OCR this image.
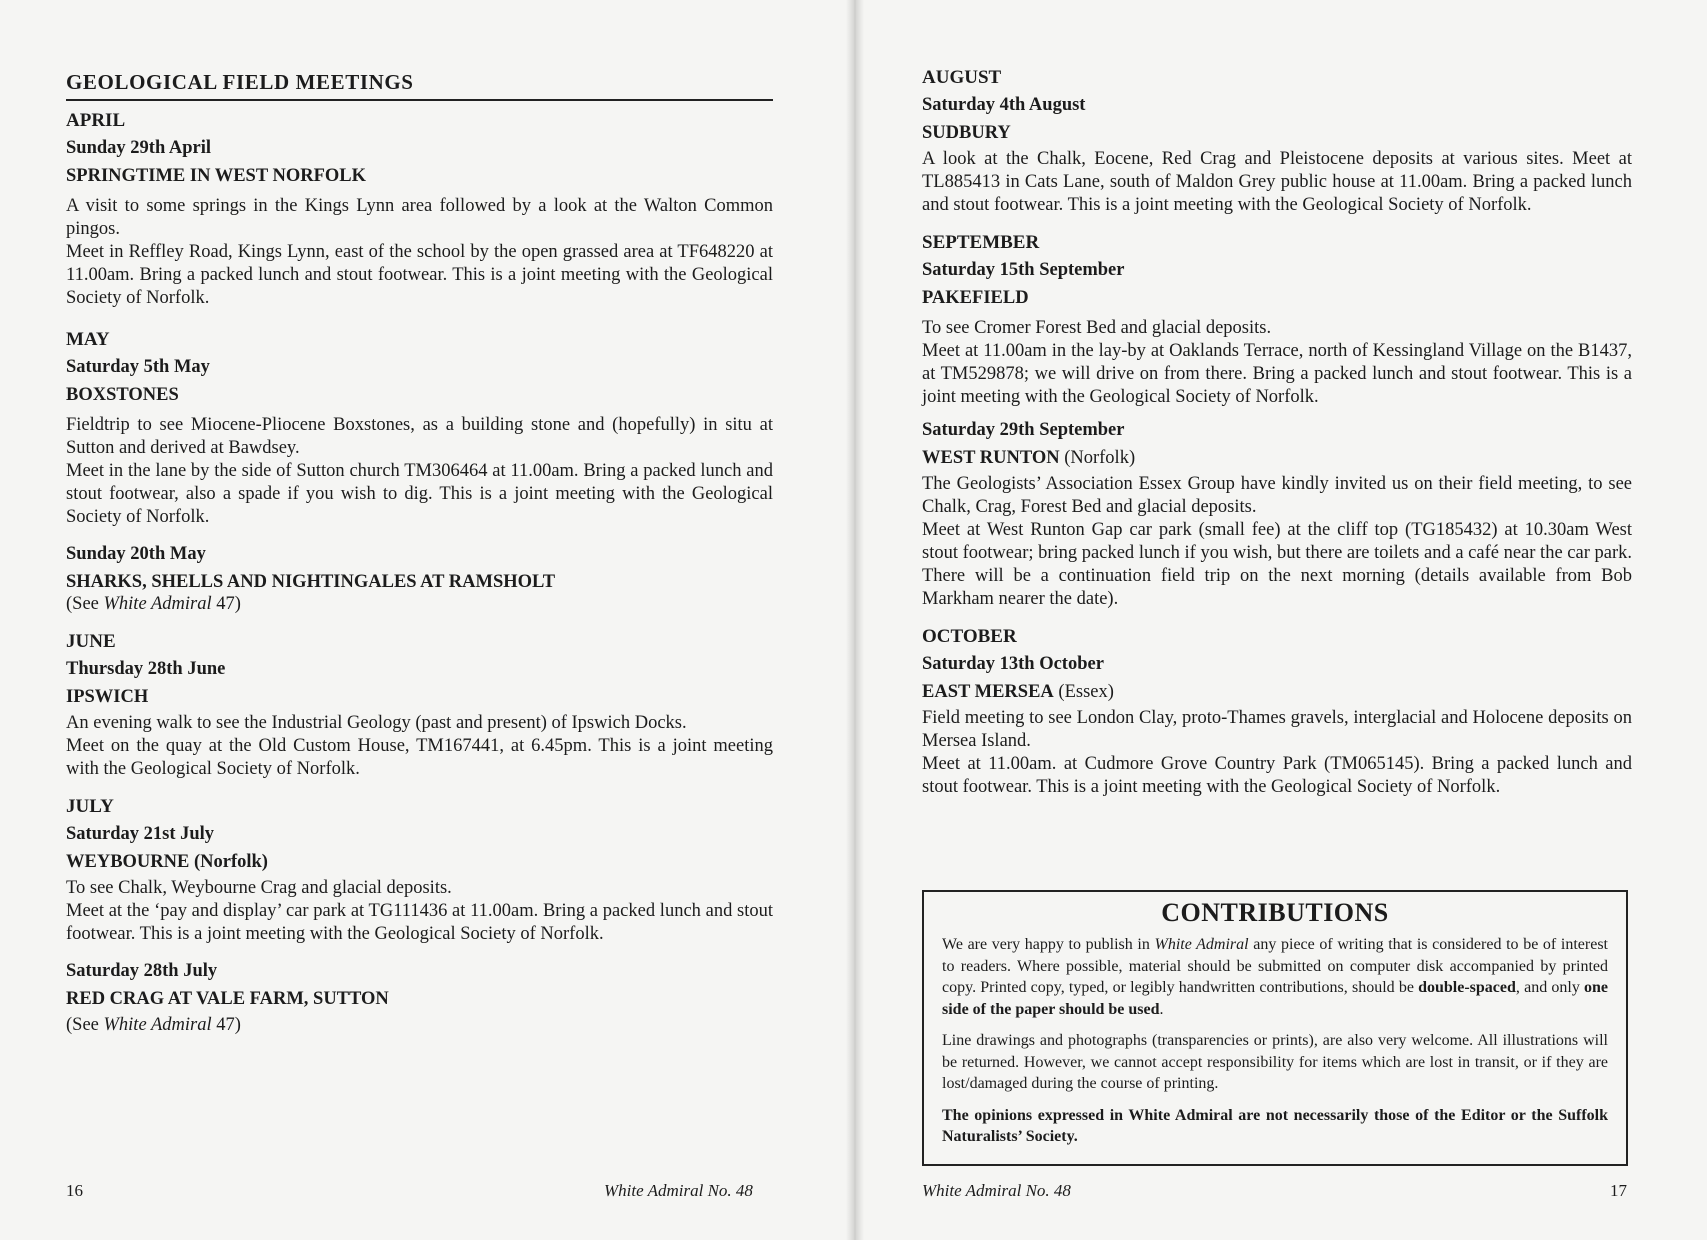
GEOLOGICAL FIELD MEETINGS
APRIL
Sunday 29th April
SPRINGTIME IN WEST NORFOLK

A visit to some springs in the Kings Lynn area followed by a look at the Walton Common pingos.

Meet in Reffley Road, Kings Lynn, east of the school by the open grassed area at TF648220 at 11.00am. Bring a packed lunch and stout footwear. This is a joint meeting with the Geological Society of Norfolk.

MAY
Saturday 5th May
BOXSTONES

Fieldtrip to see Miocene-Pliocene Boxstones, as a building stone and (hopefully) in situ at Sutton and derived at Bawdsey.

Meet in the lane by the side of Sutton church TM306464 at 11.00am. Bring a packed lunch and stout footwear, also a spade if you wish to dig. This is a joint meeting with the Geological Society of Norfolk.

Sunday 20th May
SHARKS, SHELLS AND NIGHTINGALES AT RAMSHOLT
(See White Admiral 47)
JUNE
Thursday 28th June
IPSWICH

An evening walk to see the Industrial Geology (past and present) of Ipswich Docks.

Meet on the quay at the Old Custom House, TM167441, at 6.45pm. This is a joint meeting with the Geological Society of Norfolk.

JULY
Saturday 21st July
WEYBOURNE (Norfolk)

To see Chalk, Weybourne Crag and glacial deposits.

Meet at the ‘pay and display’ car park at TG111436 at 11.00am. Bring a packed lunch and stout footwear. This is a joint meeting with the Geological Society of Norfolk.

Saturday 28th July
RED CRAG AT VALE FARM, SUTTON
(See White Admiral 47)
16	White Admiral No. 48
AUGUST
Saturday 4th August
SUDBURY

A look at the Chalk, Eocene, Red Crag and Pleistocene deposits at various sites. Meet at TL885413 in Cats Lane, south of Maldon Grey public house at 11.00am. Bring a packed lunch and stout footwear. This is a joint meeting with the Geological Society of Norfolk.

SEPTEMBER
Saturday 15th September
PAKEFIELD

To see Cromer Forest Bed and glacial deposits.

Meet at 11.00am in the lay-by at Oaklands Terrace, north of Kessingland Village on the B1437, at TM529878; we will drive on from there. Bring a packed lunch and stout footwear. This is a joint meeting with the Geological Society of Norfolk.

Saturday 29th September
WEST RUNTON (Norfolk)

The Geologists’ Association Essex Group have kindly invited us on their field meeting, to see Chalk, Crag, Forest Bed and glacial deposits.

Meet at West Runton Gap car park (small fee) at the cliff top (TG185432) at 10.30am West stout footwear; bring packed lunch if you wish, but there are toilets and a café near the car park. There will be a continuation field trip on the next morning (details available from Bob Markham nearer the date).

OCTOBER
Saturday 13th October
EAST MERSEA (Essex)

Field meeting to see London Clay, proto-Thames gravels, interglacial and Holocene deposits on Mersea Island.

Meet at 11.00am. at Cudmore Grove Country Park (TM065145). Bring a packed lunch and stout footwear. This is a joint meeting with the Geological Society of Norfolk.

CONTRIBUTIONS

We are very happy to publish in White Admiral any piece of writing that is considered to be of interest to readers. Where possible, material should be submitted on computer disk accompanied by printed copy. Printed copy, typed, or legibly handwritten contributions, should be double-spaced, and only one side of the paper should be used.

Line drawings and photographs (transparencies or prints), are also very welcome. All illustrations will be returned. However, we cannot accept responsibility for items which are lost in transit, or if they are lost/damaged during the course of printing.

The opinions expressed in White Admiral are not necessarily those of the Editor or the Suffolk Naturalists’ Society.

White Admiral No. 48	17
